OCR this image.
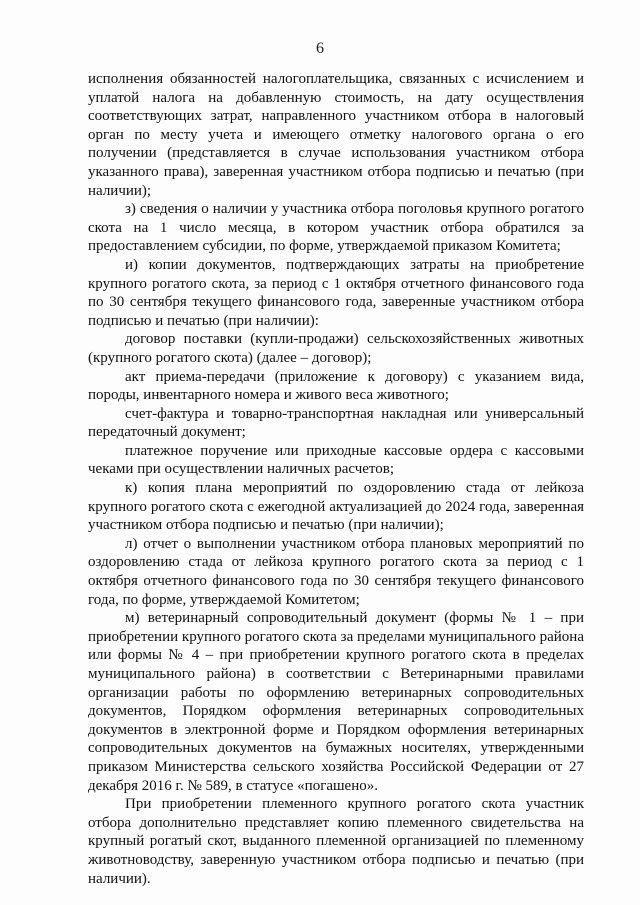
6

исполнения обязанностей налогоплательщика, связанных с исчислением и уплатой налога на добавленную стоимость, на дату осуществления соответствующих затрат, направленного участником отбора в налоговый орган по месту учета и имеющего отметку налогового органа о его получении (представляется в случае использования участником отбора указанного права), заверенная участником отбора подписью и печатью (при наличии);

з) сведения о наличии у участника отбора поголовья крупного рогатого скота на 1 число месяца, в котором участник отбора обратился за предоставлением субсидии, по форме, утверждаемой приказом Комитета;

и) копии документов, подтверждающих затраты на приобретение крупного рогатого скота, за период с 1 октября отчетного финансового года по 30 сентября текущего финансового года, заверенные участником отбора подписью и печатью (при наличии):

договор поставки (купли-продажи) сельскохозяйственных животных (крупного рогатого скота) (далее – договор);

акт приема-передачи (приложение к договору) с указанием вида, породы, инвентарного номера и живого веса животного;

счет-фактура и товарно-транспортная накладная или универсальный передаточный документ;

платежное поручение или приходные кассовые ордера с кассовыми чеками при осуществлении наличных расчетов;

к) копия плана мероприятий по оздоровлению стада от лейкоза крупного рогатого скота с ежегодной актуализацией до 2024 года, заверенная участником отбора подписью и печатью (при наличии);

л) отчет о выполнении участником отбора плановых мероприятий по оздоровлению стада от лейкоза крупного рогатого скота за период с 1 октября отчетного финансового года по 30 сентября текущего финансового года, по форме, утверждаемой Комитетом;

м) ветеринарный сопроводительный документ (формы № 1 – при приобретении крупного рогатого скота за пределами муниципального района или формы № 4 – при приобретении крупного рогатого скота в пределах муниципального района) в соответствии с Ветеринарными правилами организации работы по оформлению ветеринарных сопроводительных документов, Порядком оформления ветеринарных сопроводительных документов в электронной форме и Порядком оформления ветеринарных сопроводительных документов на бумажных носителях, утвержденными приказом Министерства сельского хозяйства Российской Федерации от 27 декабря 2016 г. № 589, в статусе «погашено».

При приобретении племенного крупного рогатого скота участник отбора дополнительно представляет копию племенного свидетельства на крупный рогатый скот, выданного племенной организацией по племенному животноводству, заверенную участником отбора подписью и печатью (при наличии).
